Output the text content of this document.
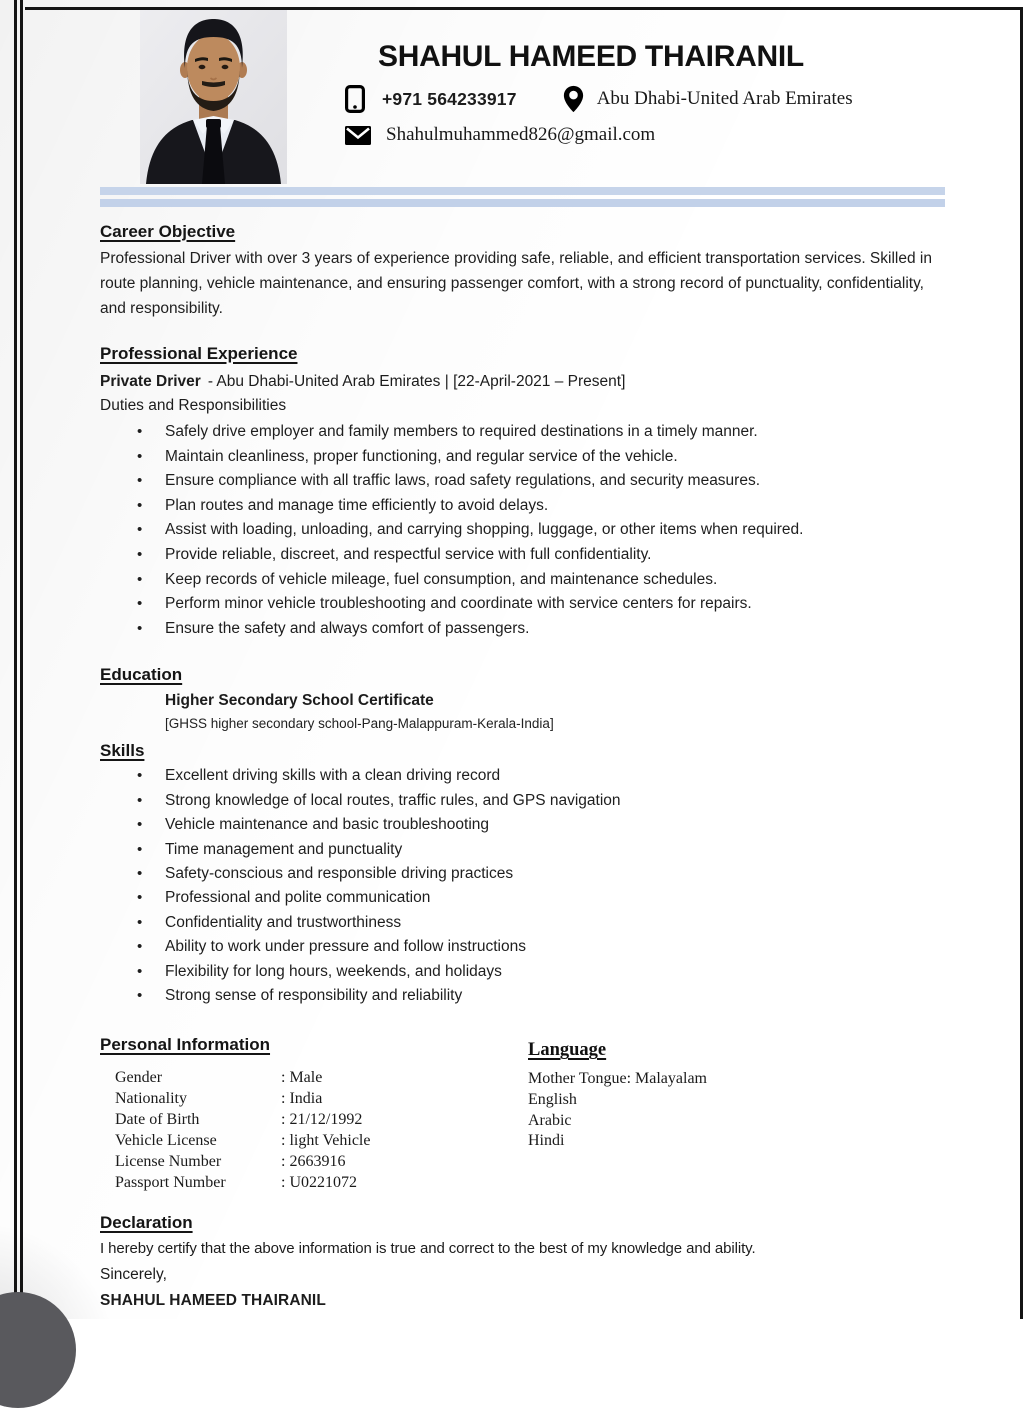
SHAHUL HAMEED THAIRANIL
+971 564233917	Abu Dhabi-United Arab Emirates
Shahulmuhammed826@gmail.com
Career Objective

Professional Driver with over 3 years of experience providing safe, reliable, and efficient transportation services. Skilled in route planning, vehicle maintenance, and ensuring passenger comfort, with a strong record of punctuality, confidentiality, and responsibility.

Professional Experience
Private Driver - Abu Dhabi-United Arab Emirates | [22-April-2021 – Present]
Duties and Responsibilities
• Safely drive employer and family members to required destinations in a timely manner.
• Maintain cleanliness, proper functioning, and regular service of the vehicle.
• Ensure compliance with all traffic laws, road safety regulations, and security measures.
• Plan routes and manage time efficiently to avoid delays.
• Assist with loading, unloading, and carrying shopping, luggage, or other items when required.
• Provide reliable, discreet, and respectful service with full confidentiality.
• Keep records of vehicle mileage, fuel consumption, and maintenance schedules.
• Perform minor vehicle troubleshooting and coordinate with service centers for repairs.
• Ensure the safety and always comfort of passengers.
Education
Higher Secondary School Certificate
[GHSS higher secondary school-Pang-Malappuram-Kerala-India]
Skills
• Excellent driving skills with a clean driving record
• Strong knowledge of local routes, traffic rules, and GPS navigation
• Vehicle maintenance and basic troubleshooting
• Time management and punctuality
• Safety-conscious and responsible driving practices
• Professional and polite communication
• Confidentiality and trustworthiness
• Ability to work under pressure and follow instructions
• Flexibility for long hours, weekends, and holidays
• Strong sense of responsibility and reliability
Personal Information
Gender	: Male
Nationality	: India
Date of Birth	: 21/12/1992
Vehicle License	: light Vehicle
License Number	: 2663916
Passport Number	: U0221072
Language
Mother Tongue: Malayalam
English
Arabic
Hindi
Declaration

I hereby certify that the above information is true and correct to the best of my knowledge and ability.

Sincerely,
SHAHUL HAMEED THAIRANIL
